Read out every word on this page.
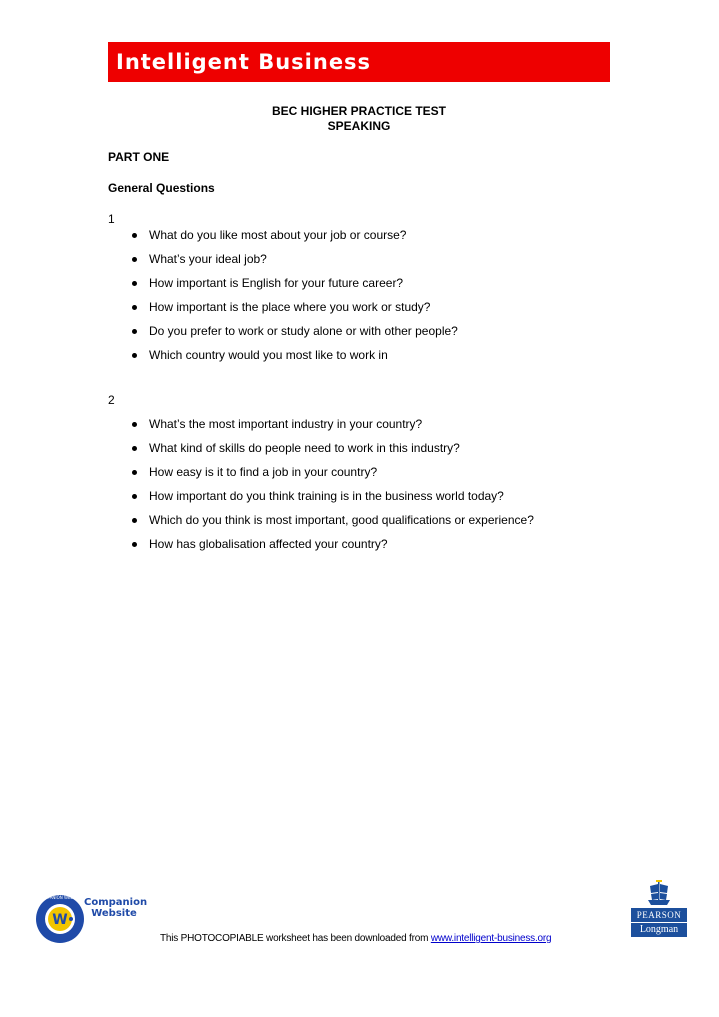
Intelligent Business
BEC HIGHER PRACTICE TEST
SPEAKING
PART ONE
General Questions
1
What do you like most about your job or course?
What’s your ideal job?
How important is English for your future career?
How important is the place where you work or study?
Do you prefer to work or study alone or with other people?
Which country would you most like to work in
2
What’s the most important industry in your country?
What kind of skills do people need to work in this industry?
How easy is it to find a job in your country?
How important do you think training is in the business world today?
Which do you think is most important, good qualifications or experience?
How has globalisation affected your country?
W
COMPANION WEBSITE Companion
Website
This PHOTOCOPIABLE worksheet has been downloaded from www.intelligent-business.org
PEARSON
Longman
